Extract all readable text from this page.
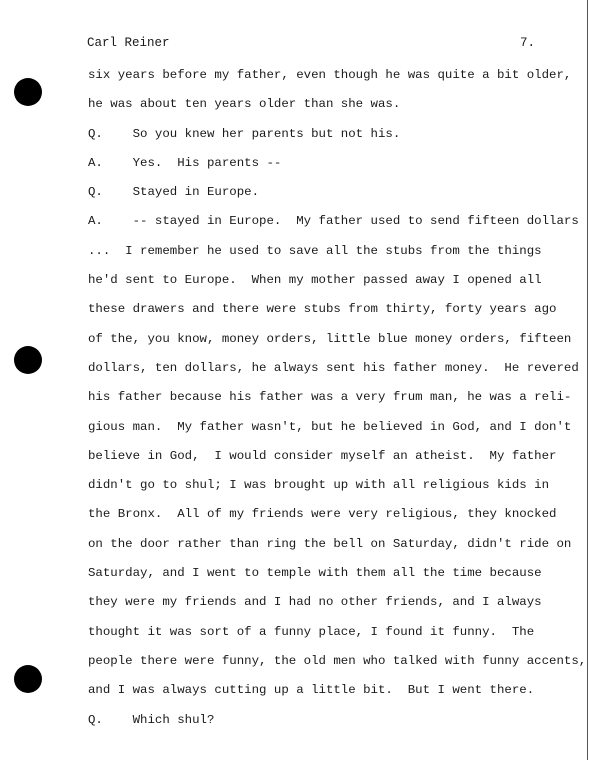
Carl Reiner	7.
six years before my father, even though he was quite a bit older,
he was about ten years older than she was.
Q.    So you knew her parents but not his.
A.    Yes.  His parents --
Q.    Stayed in Europe.
A.    -- stayed in Europe.  My father used to send fifteen dollars
...  I remember he used to save all the stubs from the things
he'd sent to Europe.  When my mother passed away I opened all
these drawers and there were stubs from thirty, forty years ago
of the, you know, money orders, little blue money orders, fifteen
dollars, ten dollars, he always sent his father money.  He revered
his father because his father was a very frum man, he was a reli-
gious man.  My father wasn't, but he believed in God, and I don't
believe in God,  I would consider myself an atheist.  My father
didn't go to shul; I was brought up with all religious kids in
the Bronx.  All of my friends were very religious, they knocked
on the door rather than ring the bell on Saturday, didn't ride on
Saturday, and I went to temple with them all the time because
they were my friends and I had no other friends, and I always
thought it was sort of a funny place, I found it funny.  The
people there were funny, the old men who talked with funny accents,
and I was always cutting up a little bit.  But I went there.
Q.    Which shul?
